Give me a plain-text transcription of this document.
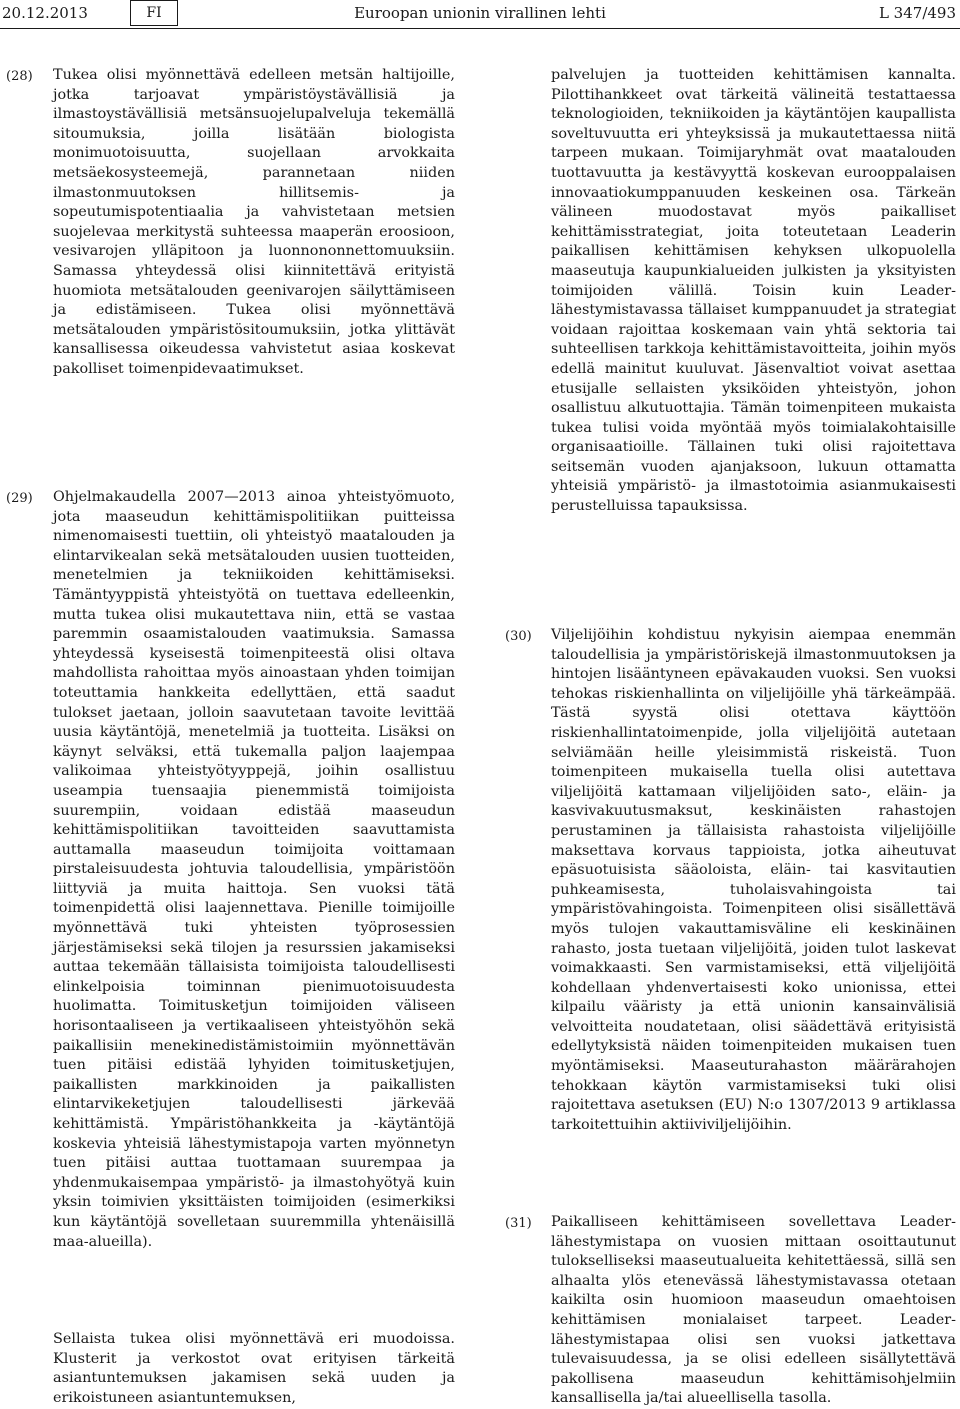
20.12.2013	FI	Euroopan unionin virallinen lehti	L 347/493
(28) Tukea olisi myönnettävä edelleen metsän haltijoille, jotka tarjoavat ympäristöystävällisiä ja ilmastoystävällisiä metsänsuojelupalveluja tekemällä sitoumuksia, joilla lisätään biologista monimuotoisuutta, suojellaan arvokkaita metsäekosysteemejä, parannetaan niiden ilmastonmuutoksen hillitsemis- ja sopeutumispotentiaalia ja vahvistetaan metsien suojelevaa merkitystä suhteessa maaperän eroosioon, vesivarojen ylläpitoon ja luonnononnettomuuksiin. Samassa yhteydessä olisi kiinnitettävä erityistä huomiota metsätalouden geenivarojen säilyttämiseen ja edistämiseen. Tukea olisi myönnettävä metsätalouden ympäristösitoumuksiin, jotka ylittävät kansallisessa oikeudessa vahvistetut asiaa koskevat pakolliset toimenpidevaatimukset.

(29) Ohjelmakaudella 2007—2013 ainoa yhteistyömuoto, jota maaseudun kehittämispolitiikan puitteissa nimenomaisesti tuettiin, oli yhteistyö maatalouden ja elintarvikealan sekä metsätalouden uusien tuotteiden, menetelmien ja tekniikoiden kehittämiseksi. Tämäntyyppistä yhteistyötä on tuettava edelleenkin, mutta tukea olisi mukautettava niin, että se vastaa paremmin osaamistalouden vaatimuksia. Samassa yhteydessä kyseisestä toimenpiteestä olisi oltava mahdollista rahoittaa myös ainoastaan yhden toimijan toteuttamia hankkeita edellyttäen, että saadut tulokset jaetaan, jolloin saavutetaan tavoite levittää uusia käytäntöjä, menetelmiä ja tuotteita. Lisäksi on käynyt selväksi, että tukemalla paljon laajempaa valikoimaa yhteistyötyyppejä, joihin osallistuu useampia tuensaajia pienemmistä toimijoista suurempiin, voidaan edistää maaseudun kehittämispolitiikan tavoitteiden saavuttamista auttamalla maaseudun toimijoita voittamaan pirstaleisuudesta johtuvia taloudellisia, ympäristöön liittyviä ja muita haittoja. Sen vuoksi tätä toimenpidettä olisi laajennettava. Pienille toimijoille myönnettävä tuki yhteisten työprosessien järjestämiseksi sekä tilojen ja resurssien jakamiseksi auttaa tekemään tällaisista toimijoista taloudellisesti elinkelpoisia toiminnan pienimuotoisuudesta huolimatta. Toimitusketjun toimijoiden väliseen horisontaaliseen ja vertikaaliseen yhteistyöhön sekä paikallisiin menekinedistämistoimiin myönnettävän tuen pitäisi edistää lyhyiden toimitusketjujen, paikallisten markkinoiden ja paikallisten elintarvikeketjujen taloudellisesti järkevää kehittämistä. Ympäristöhankkeita ja -käytäntöjä koskevia yhteisiä lähestymistapoja varten myönnetyn tuen pitäisi auttaa tuottamaan suurempaa ja yhdenmukaisempaa ympäristö- ja ilmastohyötyä kuin yksin toimivien yksittäisten toimijoiden (esimerkiksi kun käytäntöjä sovelletaan suuremmilla yhtenäisillä maa-alueilla).

Sellaista tukea olisi myönnettävä eri muodoissa. Klusterit ja verkostot ovat erityisen tärkeitä asiantuntemuksen jakamisen sekä uuden ja erikoistuneen asiantuntemuksen,

palvelujen ja tuotteiden kehittämisen kannalta. Pilottihankkeet ovat tärkeitä välineitä testattaessa teknologioiden, tekniikoiden ja käytäntöjen kaupallista soveltuvuutta eri yhteyksissä ja mukautettaessa niitä tarpeen mukaan. Toimijaryhmät ovat maatalouden tuottavuutta ja kestävyyttä koskevan eurooppalaisen innovaatiokumppanuuden keskeinen osa. Tärkeän välineen muodostavat myös paikalliset kehittämisstrategiat, joita toteutetaan Leaderin paikallisen kehittämisen kehyksen ulkopuolella maaseutuja kaupunkialueiden julkisten ja yksityisten toimijoiden välillä. Toisin kuin Leader-lähestymistavassa tällaiset kumppanuudet ja strategiat voidaan rajoittaa koskemaan vain yhtä sektoria tai suhteellisen tarkkoja kehittämistavoitteita, joihin myös edellä mainitut kuuluvat. Jäsenvaltiot voivat asettaa etusijalle sellaisten yksiköiden yhteistyön, johon osallistuu alkutuottajia. Tämän toimenpiteen mukaista tukea tulisi voida myöntää myös toimialakohtaisille organisaatioille. Tällainen tuki olisi rajoitettava seitsemän vuoden ajanjaksoon, lukuun ottamatta yhteisiä ympäristö- ja ilmastotoimia asianmukaisesti perustelluissa tapauksissa.

(30) Viljelijöihin kohdistuu nykyisin aiempaa enemmän taloudellisia ja ympäristöriskejä ilmastonmuutoksen ja hintojen lisääntyneen epävakauden vuoksi. Sen vuoksi tehokas riskienhallinta on viljelijöille yhä tärkeämpää. Tästä syystä olisi otettava käyttöön riskienhallintatoimenpide, jolla viljelijöitä autetaan selviämään heille yleisimmistä riskeistä. Tuon toimenpiteen mukaisella tuella olisi autettava viljelijöitä kattamaan viljelijöiden sato-, eläin- ja kasvivakuutusmaksut, keskinäisten rahastojen perustaminen ja tällaisista rahastoista viljelijöille maksettava korvaus tappioista, jotka aiheutuvat epäsuotuisista sääoloista, eläin- tai kasvitautien puhkeamisesta, tuholaisvahingoista tai ympäristövahingoista. Toimenpiteen olisi sisällettävä myös tulojen vakauttamisväline eli keskinäinen rahasto, josta tuetaan viljelijöitä, joiden tulot laskevat voimakkaasti. Sen varmistamiseksi, että viljelijöitä kohdellaan yhdenvertaisesti koko unionissa, ettei kilpailu vääristy ja että unionin kansainvälisiä velvoitteita noudatetaan, olisi säädettävä erityisistä edellytyksistä näiden toimenpiteiden mukaisen tuen myöntämiseksi. Maaseuturahaston määrärahojen tehokkaan käytön varmistamiseksi tuki olisi rajoitettava asetuksen (EU) N:o 1307/2013 9 artiklassa tarkoitettuihin aktiiviviljelijöihin.

(31) Paikalliseen kehittämiseen sovellettava Leader-lähestymistapa on vuosien mittaan osoittautunut tulokselliseksi maaseutualueita kehitettäessä, sillä sen alhaalta ylös etenevässä lähestymistavassa otetaan kaikilta osin huomioon maaseudun omaehtoisen kehittämisen monialaiset tarpeet. Leader-lähestymistapaa olisi sen vuoksi jatkettava tulevaisuudessa, ja se olisi edelleen sisällytettävä pakollisena maaseudun kehittämisohjelmiin kansallisella ja/tai alueellisella tasolla.
